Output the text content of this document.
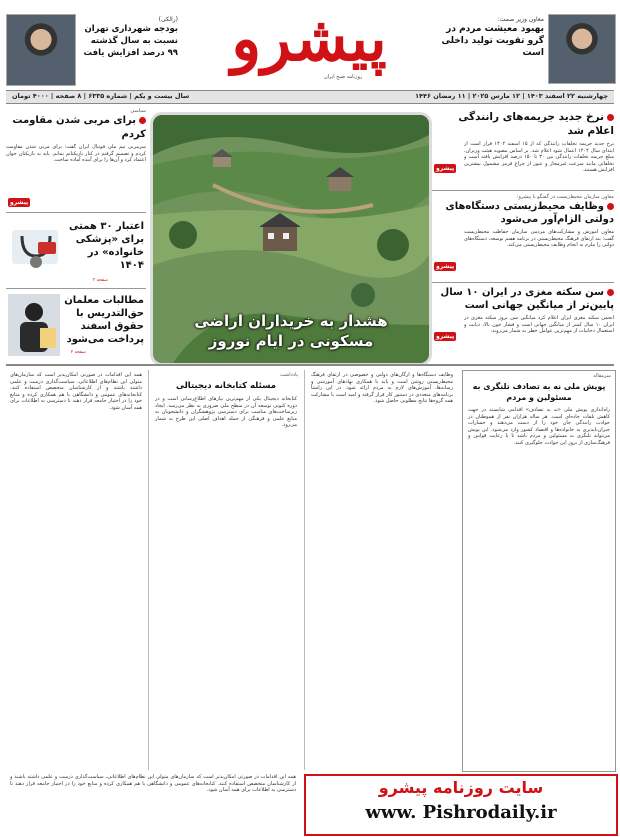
معاون وزیر صمت:
بهبود معیشت مردم در گرو تقویت تولید داخلی است
پیشرو
روزنامه صبح ایران
(رالکی)
بودجه شهرداری تهران نسبت به سال گذشته ۹۹ درصد افزایش یافت
چهارشنبه ۲۲ اسفند ۱۴۰۳ | ۱۲ مارس ۲۰۲۵ | ۱۱ رمضان ۱۴۴۶
سال بیست و یکم | شماره ۶۳۳۵ | ۸ صفحه | ۴۰۰۰ تومان
نرخ جدید جریمه‌های رانندگی اعلام شد
نرخ جدید جریمه تخلفات رانندگی که از ۱۵ اسفند ۱۴۰۲ قرار است از ابتدای سال ۱۴۰۴ اعمال شود اعلام شد. بر اساس مصوبه هیئت وزیران، مبلغ جریمه تخلفات رانندگی بین ۳۰ تا ۱۵۰ درصد افزایش یافته است و تخلفاتی مانند سرعت غیرمجاز و عبور از چراغ قرمز مشمول بیشترین افزایش هستند.
پیشرو
معاون سازمان محیط‌زیست در گفتگو با پیشرو:
وظایف محیط‌زیستی دستگاه‌های دولتی الزام‌آور می‌شود
معاون آموزش و مشارکت‌های مردمی سازمان حفاظت محیط‌زیست گفت: بند ارتقای فرهنگ محیط‌زیستی در برنامه هفتم توسعه، دستگاه‌های دولتی را ملزم به انجام وظایف محیط‌زیستی می‌کند.
پیشرو
سن سکته مغزی در ایران ۱۰ سال پایین‌تر از میانگین جهانی است
انجمن سکته مغزی ایران اعلام کرد میانگین سن بروز سکته مغزی در ایران ۱۰ سال کمتر از میانگین جهانی است و فشار خون بالا، دیابت و استعمال دخانیات از مهم‌ترین عوامل خطر به شمار می‌روند.
پیشرو
هشدار به خریداران اراضی مسکونی در ایام نوروز
سیاسی
برای مربی شدن مقاومت کردم
سرمربی تیم ملی فوتبال ایران گفت: برای مربی شدن مقاومت کردم و تصمیم گرفتم در کنار بازیکنانم بمانم. باید به بازیکنان جوان اعتماد کرد و آن‌ها را برای آینده آماده ساخت.
پیشرو
اعتبار ۳۰ همتی برای «پزشکی خانواده» در ۱۴۰۴
صفحه ۳
مطالبات معلمان حق‌التدریس با حقوق اسفند پرداخت می‌شود
صفحه ۲
سرمقاله
پویش ملی نه به تصادف تلنگری به مسئولین و مردم
راه‌اندازی پویش ملی «نه به تصادف» اقدامی شایسته در جهت کاهش تلفات جاده‌ای است. هر ساله هزاران نفر از هموطنان در حوادث رانندگی جان خود را از دست می‌دهند و خسارات جبران‌ناپذیری به خانواده‌ها و اقتصاد کشور وارد می‌شود. این پویش می‌تواند تلنگری به مسئولین و مردم باشد تا با رعایت قوانین و فرهنگ‌سازی از بروز این حوادث جلوگیری کنند.
وظایف دستگاه‌ها و ارگان‌های دولتی و خصوصی در ارتقای فرهنگ محیط‌زیستی روشن است و باید با همکاری نهادهای آموزشی و رسانه‌ها، آموزش‌های لازم به مردم ارائه شود. در این راستا برنامه‌های متعددی در دستور کار قرار گرفته و امید است با مشارکت همه گروه‌ها نتایج مطلوبی حاصل شود.
یادداشت
مسئله کتابخانه دیجیتالی
کتابخانه دیجیتال یکی از مهم‌ترین نیازهای اطلاع‌رسانی است و در دوره کنونی توسعه آن در سطح ملی ضروری به نظر می‌رسد. ایجاد زیرساخت‌های مناسب برای دسترسی پژوهشگران و دانشجویان به منابع علمی و فرهنگی از جمله اهداف اصلی این طرح به شمار می‌رود.
همه این اقدامات در صورتی امکان‌پذیر است که سازمان‌های متولی این نظام‌های اطلاعاتی، سیاست‌گذاری درست و علمی داشته باشند و از کارشناسان متخصص استفاده کنند. کتابخانه‌های عمومی و دانشگاهی با هم همکاری کرده و منابع خود را در اختیار جامعه قرار دهند تا دسترسی به اطلاعات برای همه آسان شود.
سایت روزنامه پیشرو
www. Pishrodaily.ir
همه این اقدامات در صورتی امکان‌پذیر است که سازمان‌های متولی این نظام‌های اطلاعاتی، سیاست‌گذاری درست و علمی داشته باشند و از کارشناسان متخصص استفاده کنند. کتابخانه‌های عمومی و دانشگاهی با هم همکاری کرده و منابع خود را در اختیار جامعه قرار دهند تا دسترسی به اطلاعات برای همه آسان شود.
